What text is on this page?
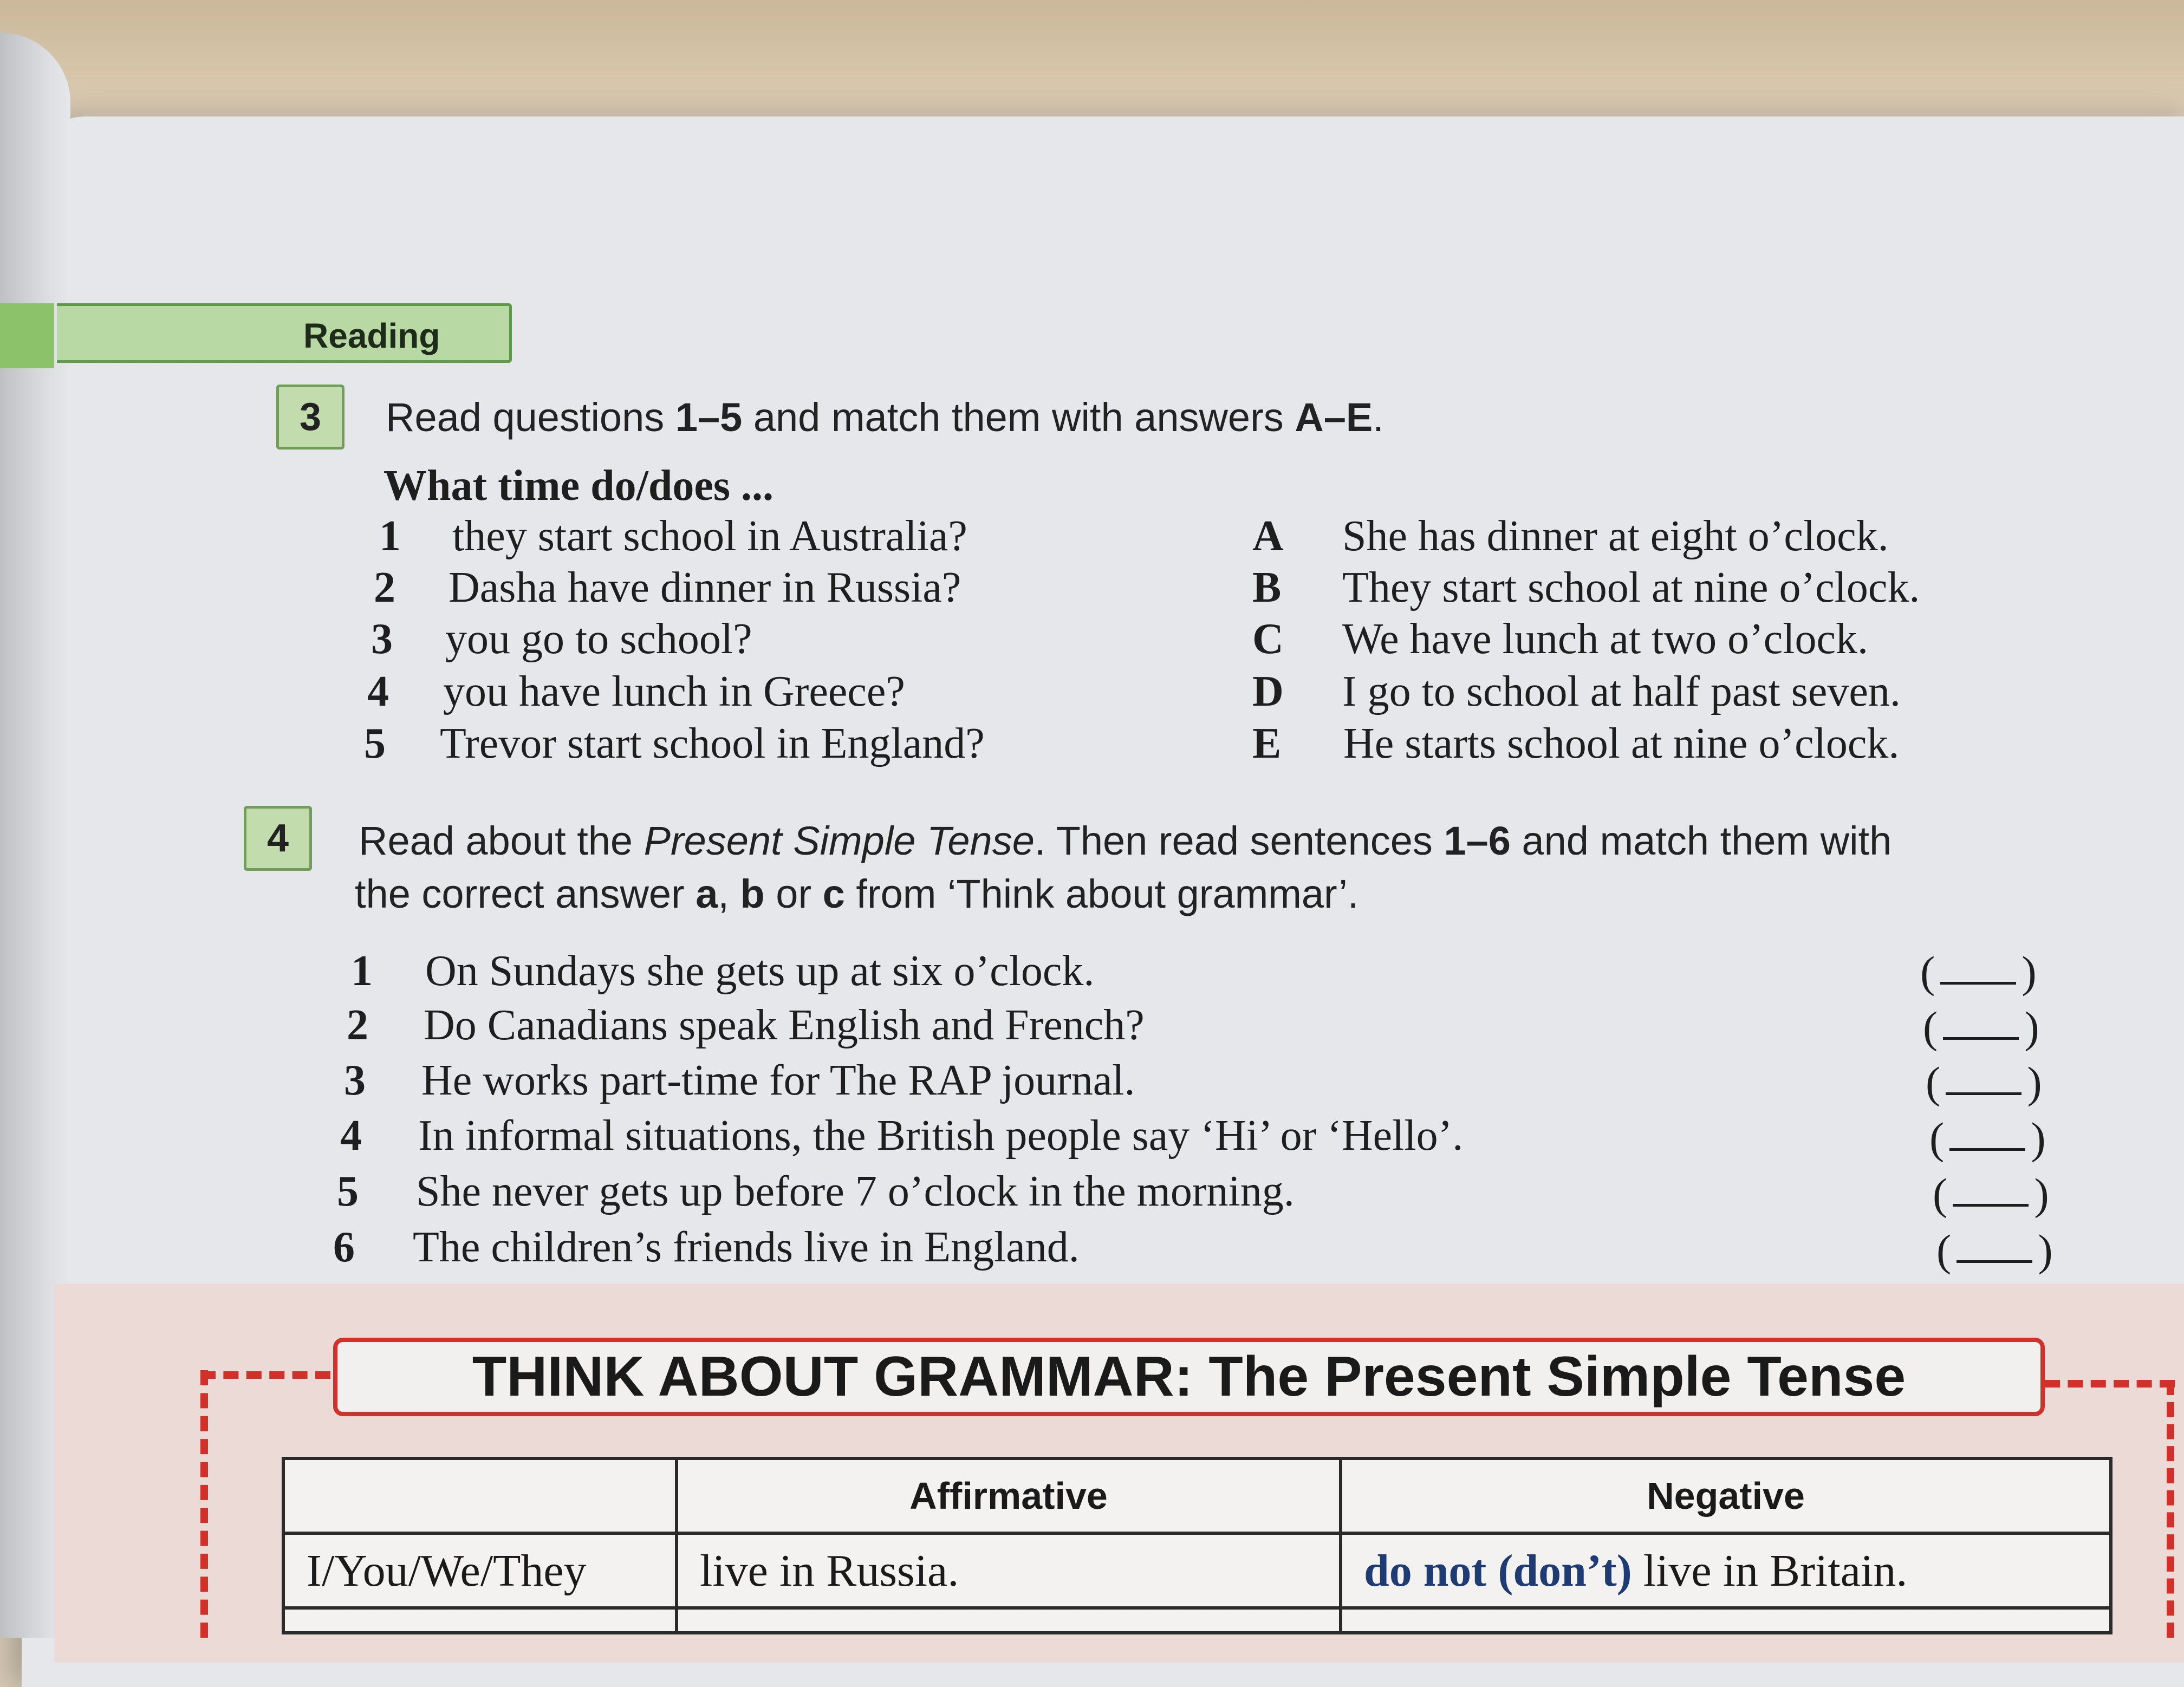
Reading
3	Read questions 1–5 and match them with answers A–E.
What time do/does ...
1 they start school in Australia?
2 Dasha have dinner in Russia?
3 you go to school?
4 you have lunch in Greece?
5 Trevor start school in England?
A She has dinner at eight o’clock.
B They start school at nine o’clock.
C We have lunch at two o’clock.
D I go to school at half past seven.
E He starts school at nine o’clock.
4	Read about the Present Simple Tense. Then read sentences 1–6 and match them with
the correct answer a, b or c from ‘Think about grammar’.
1 On Sundays she gets up at six o’clock.
2 Do Canadians speak English and French?
3 He works part-time for The RAP journal.
4 In informal situations, the British people say ‘Hi’ or ‘Hello’.
5 She never gets up before 7 o’clock in the morning.
6 The children’s friends live in England.
( )
( )
( )
( )
( )
( )
THINK ABOUT GRAMMAR: The Present Simple Tense
	Affirmative	Negative
I/You/We/They	live in Russia.	do not (don’t) live in Britain.
